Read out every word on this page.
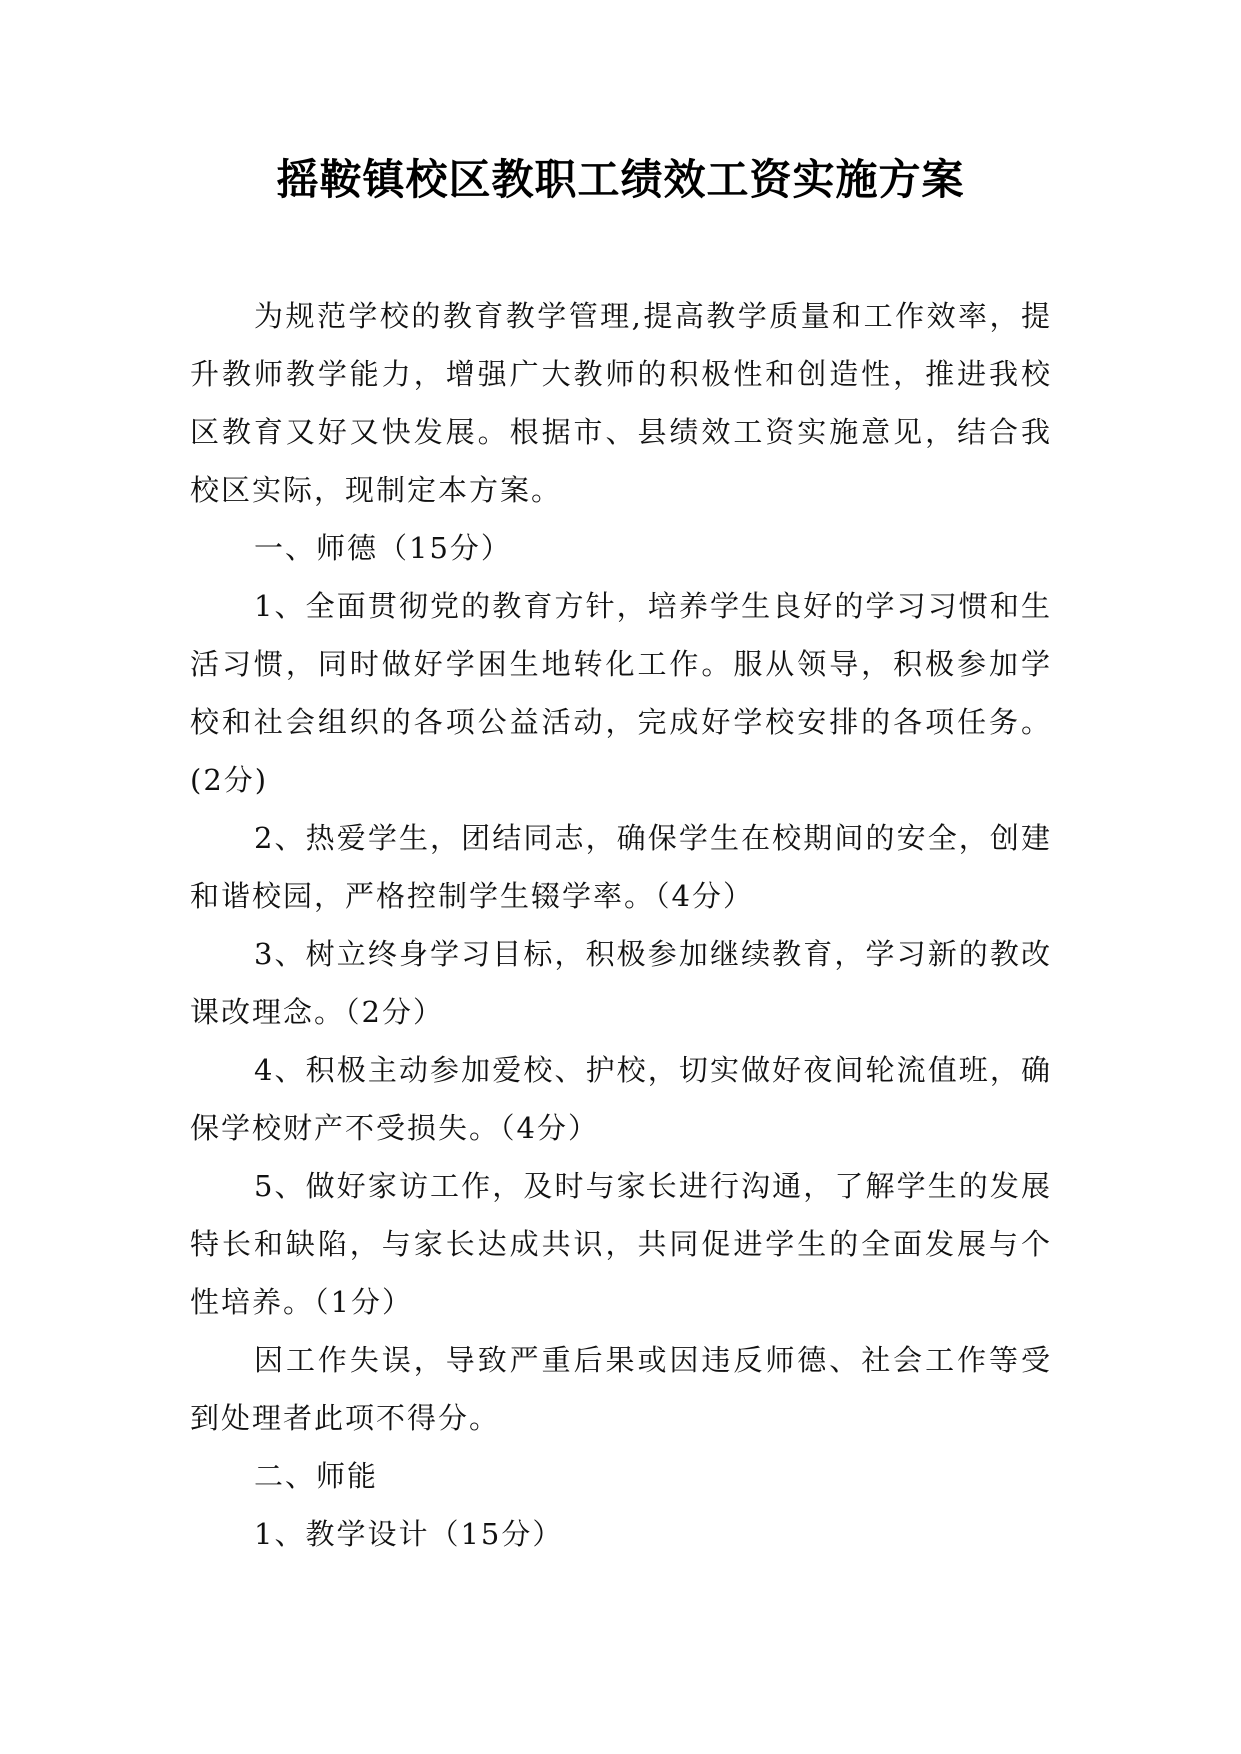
摇鞍镇校区教职工绩效工资实施方案

为规范学校的教育教学管理,提高教学质量和工作效率，提升教师教学能力，增强广大教师的积极性和创造性，推进我校区教育又好又快发展。根据市、县绩效工资实施意见，结合我校区实际，现制定本方案。

一、师德（15分）

1、全面贯彻党的教育方针，培养学生良好的学习习惯和生活习惯，同时做好学困生地转化工作。服从领导，积极参加学校和社会组织的各项公益活动，完成好学校安排的各项任务。(2分)

2、热爱学生，团结同志，确保学生在校期间的安全，创建和谐校园，严格控制学生辍学率。（4分）

3、树立终身学习目标，积极参加继续教育，学习新的教改课改理念。（2分）

4、积极主动参加爱校、护校，切实做好夜间轮流值班，确保学校财产不受损失。（4分）

5、做好家访工作，及时与家长进行沟通，了解学生的发展特长和缺陷，与家长达成共识，共同促进学生的全面发展与个性培养。（1分）

因工作失误，导致严重后果或因违反师德、社会工作等受到处理者此项不得分。

二、师能

1、教学设计（15分）
